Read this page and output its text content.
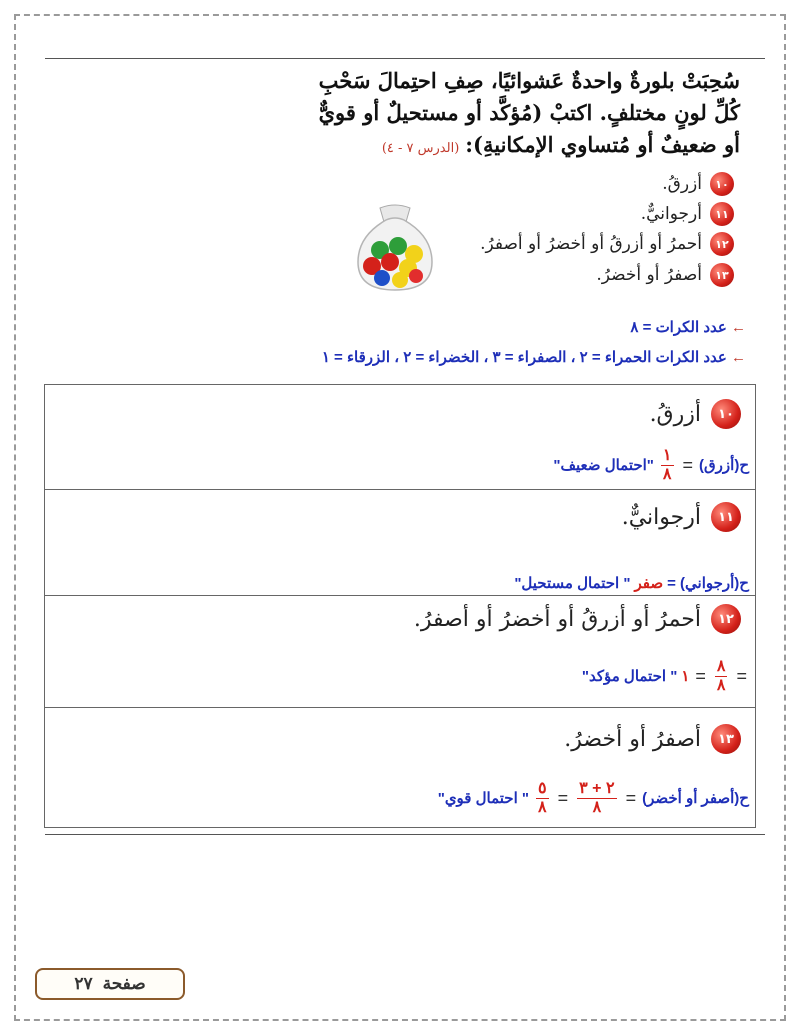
سُحِبَتْ بلورةٌ واحدةٌ عَشوائيًا، صِفِ احتِمالَ سَحْبِ
كُلِّ لونٍ مختلفٍ. اكتبْ (مُؤكَّد أو مستحيلٌ أو قويٌّ
أو ضعيفٌ أو مُتساوي الإمكانيةِ):(الدرس ٧ - ٤)
١٠
أزرقُ.
١١
أرجوانيٌّ.
١٢
أحمرُ أو أزرقُ أو أخضرُ أو أصفرُ.
١٣
أصفرُ أو أخضرُ.
← عدد الكرات = ٨
← عدد الكرات الحمراء = ٢ ، الصفراء = ٣ ، الخضراء = ٢ ، الزرقاء = ١
١٠
أزرقُ.
ح(أزرق)
=
$\frac{١}{٨}$
"احتمال ضعيف"
١١
أرجوانيٌّ.
ح(أرجواني) =
صفر
" احتمال مستحيل"
١٢
أحمرُ أو أزرقُ أو أخضرُ أو أصفرُ.
=
$\frac{٨}{٨}$
=
١
" احتمال مؤكد"
١٣
أصفرُ أو أخضرُ.
ح(أصفر أو أخضر)
=
$\frac{٢ + ٣}{٨}$
=
$\frac{٥}{٨}$
" احتمال قوي"
صفحة
٢٧
